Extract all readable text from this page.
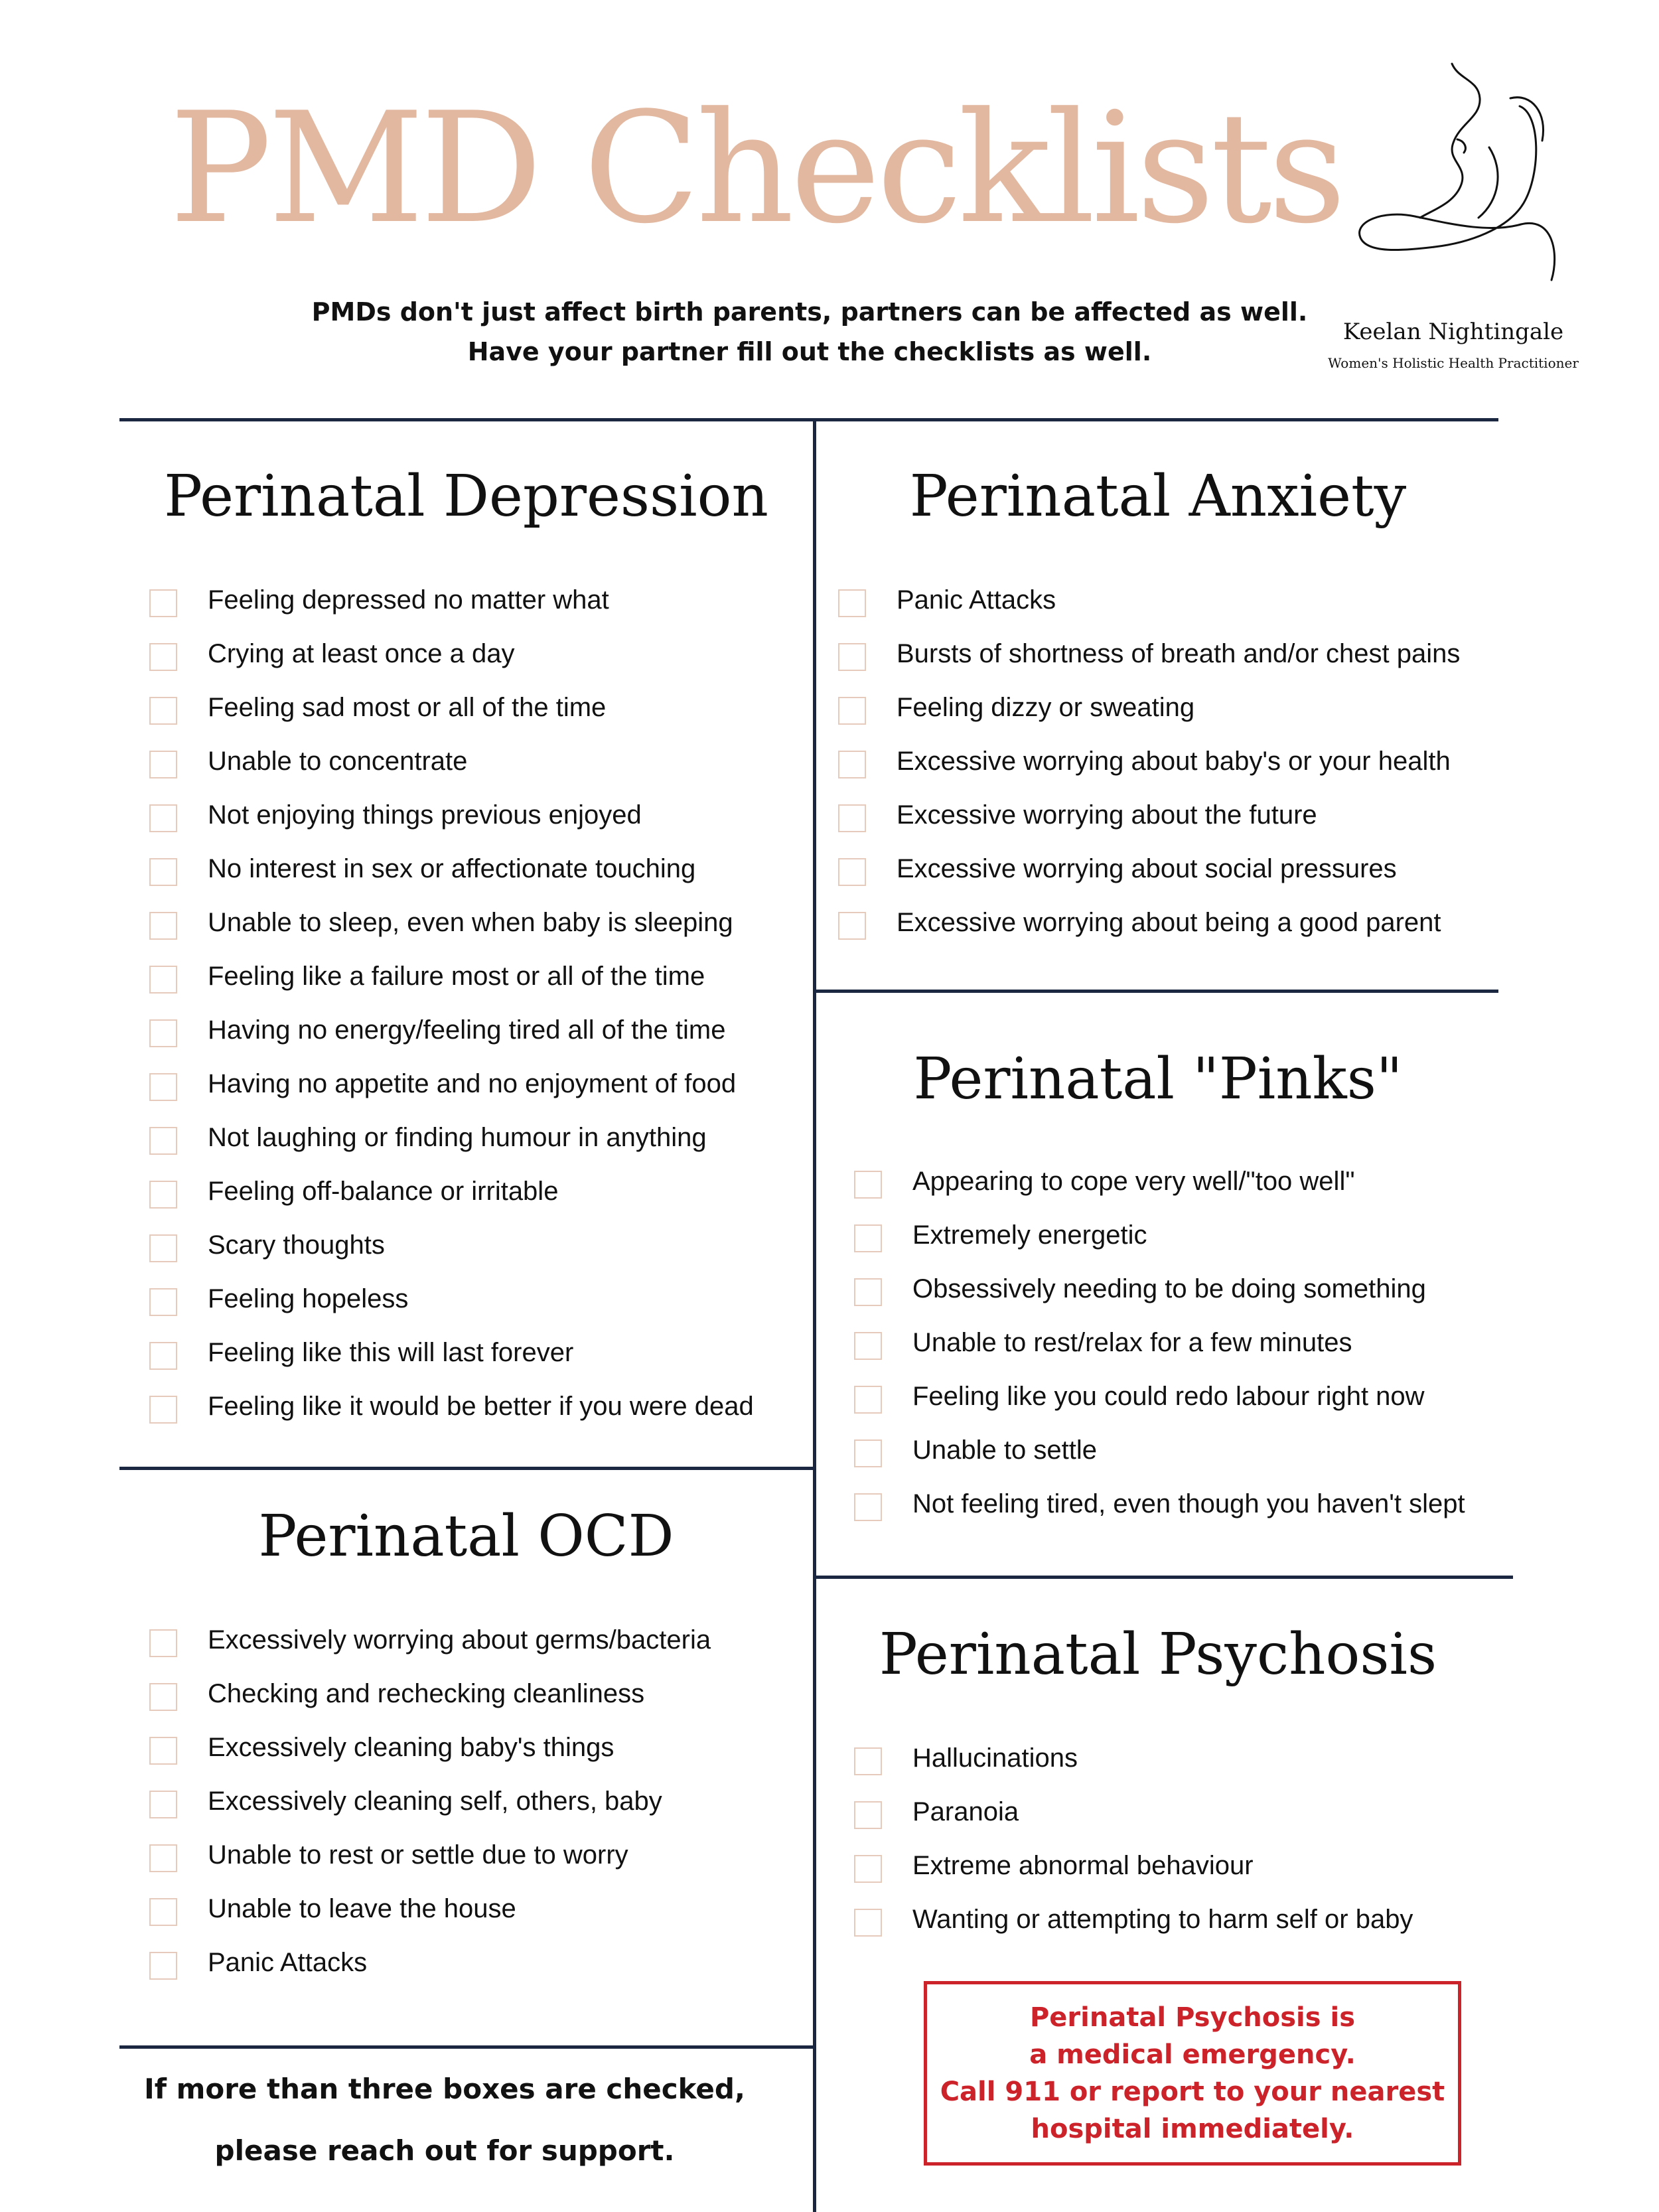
PMD Checklists
PMDs don't just affect birth parents, partners can be affected as well.
Have your partner fill out the checklists as well.
Keelan Nightingale
Women's Holistic Health Practitioner
Perinatal Depression
Feeling depressed no matter what
Crying at least once a day
Feeling sad most or all of the time
Unable to concentrate
Not enjoying things previous enjoyed
No interest in sex or affectionate touching
Unable to sleep, even when baby is sleeping
Feeling like a failure most or all of the time
Having no energy/feeling tired all of the time
Having no appetite and no enjoyment of food
Not laughing or finding humour in anything
Feeling off-balance or irritable
Scary thoughts
Feeling hopeless
Feeling like this will last forever
Feeling like it would be better if you were dead
Perinatal Anxiety
Panic Attacks
Bursts of shortness of breath and/or chest pains
Feeling dizzy or sweating
Excessive worrying about baby's or your health
Excessive worrying about the future
Excessive worrying about social pressures
Excessive worrying about being a good parent
Perinatal "Pinks"
Appearing to cope very well/"too well"
Extremely energetic
Obsessively needing to be doing something
Unable to rest/relax for a few minutes
Feeling like you could redo labour right now
Unable to settle
Not feeling tired, even though you haven't slept
Perinatal OCD
Excessively worrying about germs/bacteria
Checking and rechecking cleanliness
Excessively cleaning baby's things
Excessively cleaning self, others, baby
Unable to rest or settle due to worry
Unable to leave the house
Panic Attacks
Perinatal Psychosis
Hallucinations
Paranoia
Extreme abnormal behaviour
Wanting or attempting to harm self or baby
If more than three boxes are checked,
please reach out for support.
Perinatal Psychosis is
a medical emergency.
Call 911 or report to your nearest
hospital immediately.
